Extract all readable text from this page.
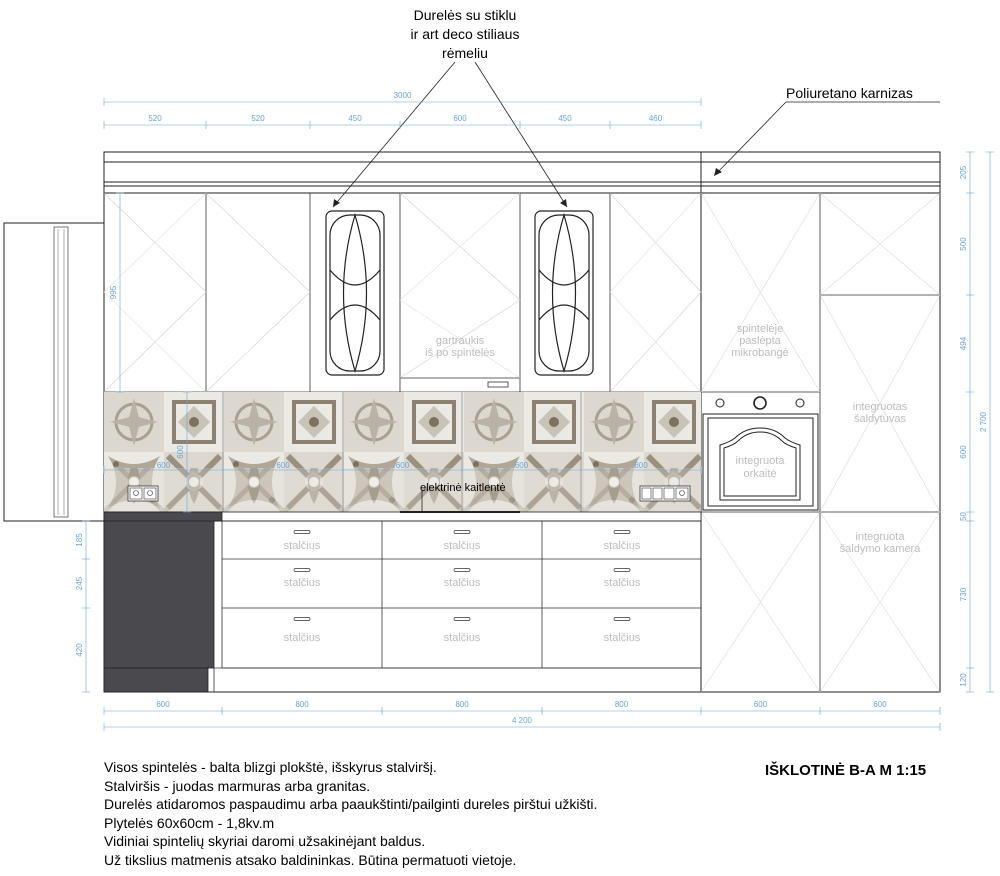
gartraukis
iš po spintelės
spintelėje
paslėpta
mikrobangė
integruotas
šaldytuvas
integruota
šaldymo kamera
integruota
orkaitė
stalčius
stalčius
stalčius
stalčius
stalčius
stalčius
stalčius
stalčius
stalčius
Durelės su stiklu
ir art deco stiliaus
rėmeliu
Poliuretano karnizas
elektrinė kaitlentė
3000
520	520	450	600	450	460
600	800	800	800	600	600
4 200
185
245
420
995
600
205
500
494
600
50
730
120
2 700
600	600	600	600	600
Visos spintelės - balta blizgi plokštė, išskyrus stalviršį.
Stalviršis - juodas marmuras arba granitas.
Durelės atidaromos paspaudimu arba paaukštinti/pailginti dureles pirštui užkišti.
Plytelės 60x60cm - 1,8kv.m
Vidiniai spintelių skyriai daromi užsakinėjant baldus.
Už tikslius matmenis atsako baldininkas. Būtina permatuoti vietoje.
IŠKLOTINĖ B-A M 1:15
